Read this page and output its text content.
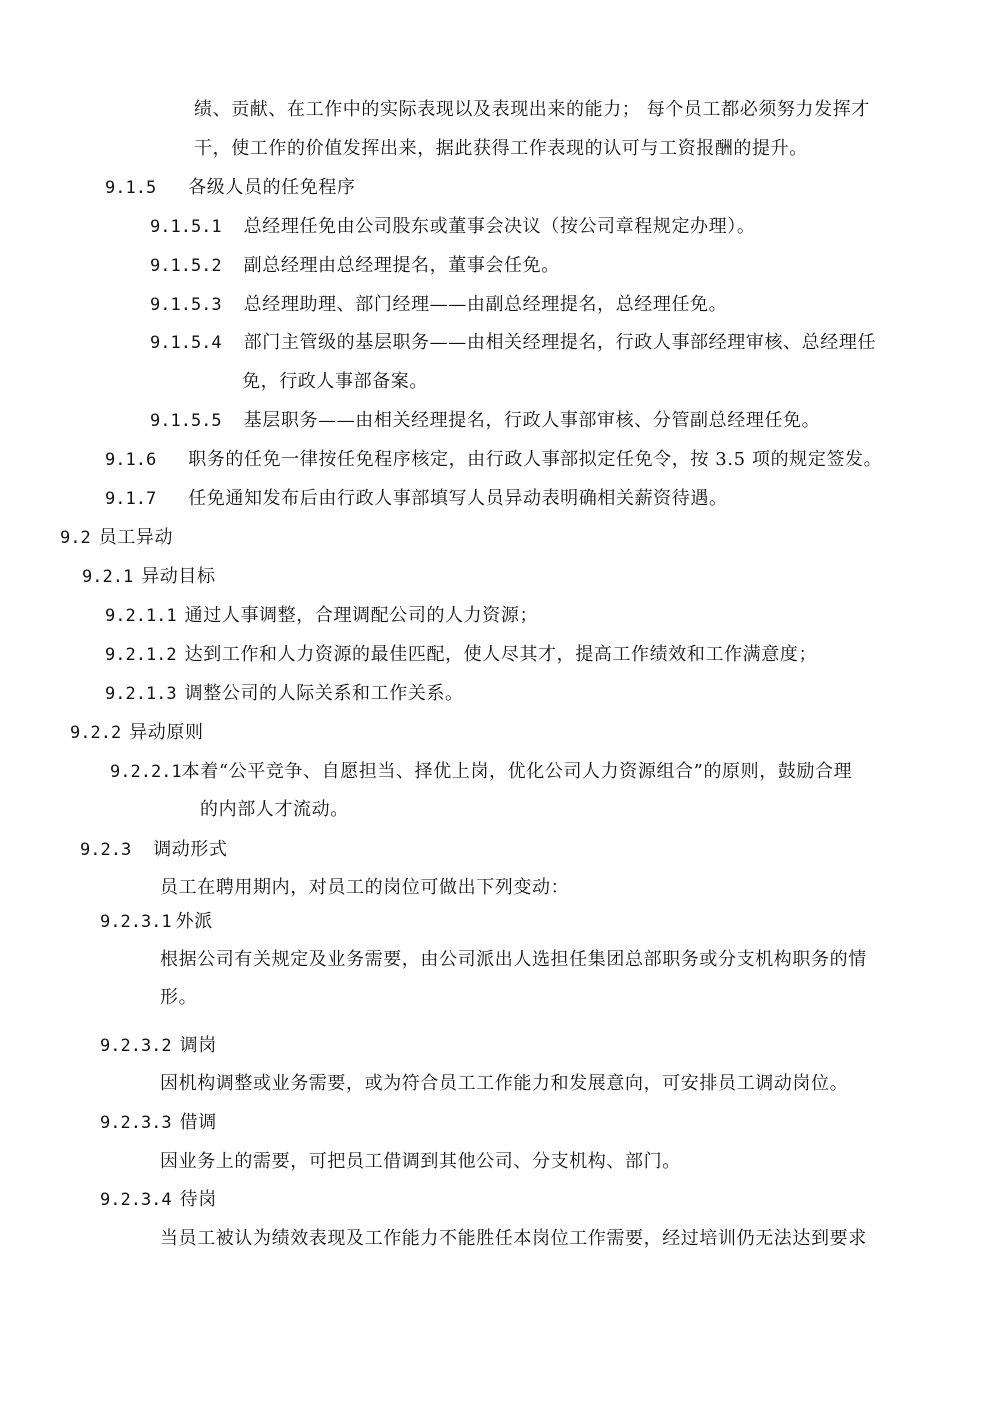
绩、贡献、在工作中的实际表现以及表现出来的能力； 每个员工都必须努力发挥才
干，使工作的价值发挥出来，据此获得工作表现的认可与工资报酬的提升。
9.1.5 各级人员的任免程序
9.1.5.1 总经理任免由公司股东或董事会决议（按公司章程规定办理）。
9.1.5.2 副总经理由总经理提名，董事会任免。
9.1.5.3 总经理助理、部门经理——由副总经理提名，总经理任免。
9.1.5.4 部门主管级的基层职务——由相关经理提名，行政人事部经理审核、总经理任
免，行政人事部备案。
9.1.5.5 基层职务——由相关经理提名，行政人事部审核、分管副总经理任免。
9.1.6 职务的任免一律按任免程序核定，由行政人事部拟定任免令，按 3.5 项的规定签发。
9.1.7 任免通知发布后由行政人事部填写人员异动表明确相关薪资待遇。
9.2 员工异动
9.2.1 异动目标
9.2.1.1 通过人事调整，合理调配公司的人力资源；
9.2.1.2 达到工作和人力资源的最佳匹配，使人尽其才，提高工作绩效和工作满意度；
9.2.1.3 调整公司的人际关系和工作关系。
9.2.2 异动原则
9.2.2.1本着“公平竞争、自愿担当、择优上岗，优化公司人力资源组合”的原则，鼓励合理
的内部人才流动。
9.2.3 调动形式
员工在聘用期内，对员工的岗位可做出下列变动：
9.2.3.1 外派
根据公司有关规定及业务需要，由公司派出人选担任集团总部职务或分支机构职务的情
形。
9.2.3.2 调岗
因机构调整或业务需要，或为符合员工工作能力和发展意向，可安排员工调动岗位。
9.2.3.3 借调
因业务上的需要，可把员工借调到其他公司、分支机构、部门。
9.2.3.4 待岗
当员工被认为绩效表现及工作能力不能胜任本岗位工作需要，经过培训仍无法达到要求
